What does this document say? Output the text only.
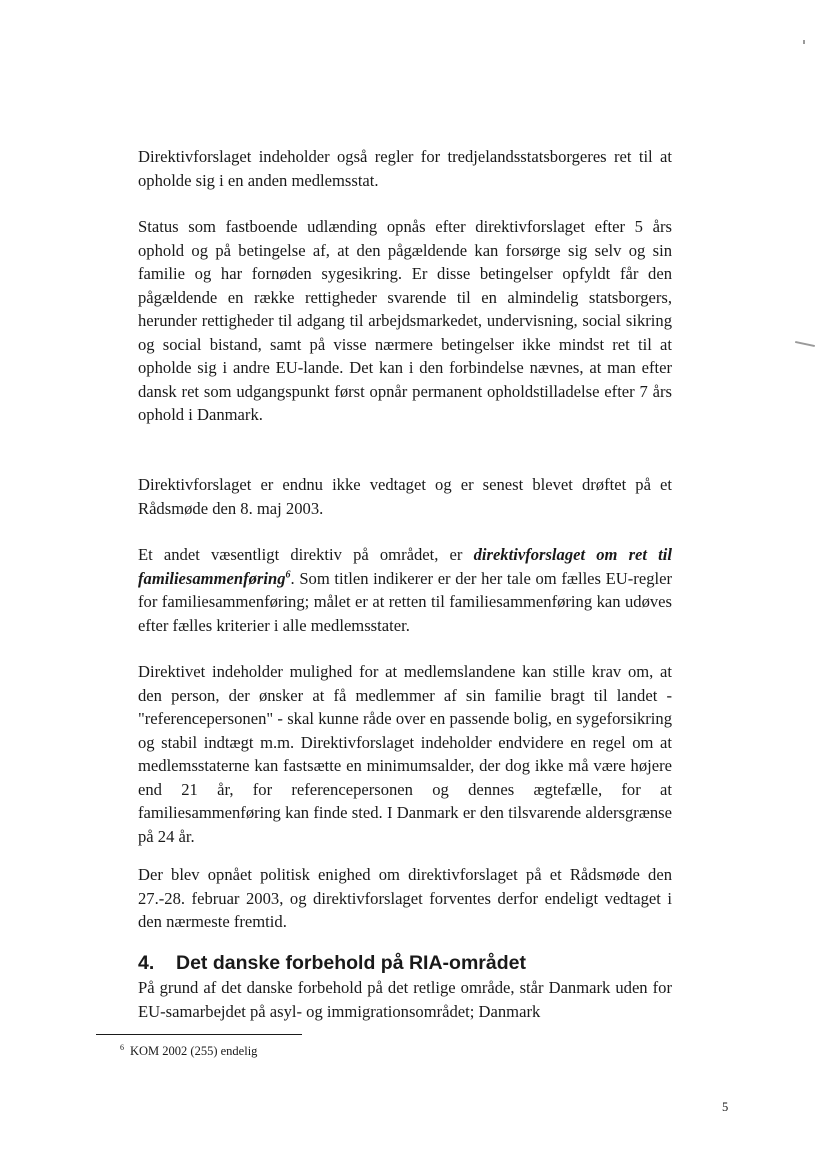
Direktivforslaget indeholder også regler for tredjelandsstatsborgeres ret til at opholde sig i en anden medlemsstat.

Status som fastboende udlænding opnås efter direktivforslaget efter 5 års ophold og på betingelse af, at den pågældende kan forsørge sig selv og sin familie og har fornøden sygesikring. Er disse betingelser opfyldt får den pågældende en række rettigheder svarende til en almindelig statsborgers, herunder rettigheder til adgang til arbejdsmarkedet, undervisning, social sikring og social bistand, samt på visse nærmere betingelser ikke mindst ret til at opholde sig i andre EU-lande. Det kan i den forbindelse nævnes, at man efter dansk ret som udgangspunkt først opnår permanent opholdstilladelse efter 7 års ophold i Danmark.

Direktivforslaget er endnu ikke vedtaget og er senest blevet drøftet på et Rådsmøde den 8. maj 2003.

Et andet væsentligt direktiv på området, er direktivforslaget om ret til familiesammenføring$^6$. Som titlen indikerer er der her tale om fælles EU-regler for familiesammenføring; målet er at retten til familiesammenføring kan udøves efter fælles kriterier i alle medlemsstater.

Direktivet indeholder mulighed for at medlemslandene kan stille krav om, at den person, der ønsker at få medlemmer af sin familie bragt til landet - "referencepersonen" - skal kunne råde over en passende bolig, en sygeforsikring og stabil indtægt m.m. Direktivforslaget indeholder endvidere en regel om at medlemsstaterne kan fastsætte en minimumsalder, der dog ikke må være højere end 21 år, for referencepersonen og dennes ægtefælle, for at familiesammenføring kan finde sted. I Danmark er den tilsvarende aldersgrænse på 24 år.

Der blev opnået politisk enighed om direktivforslaget på et Rådsmøde den 27.-28. februar 2003, og direktivforslaget forventes derfor endeligt vedtaget i den nærmeste fremtid.

4. Det danske forbehold på RIA-området

På grund af det danske forbehold på det retlige område, står Danmark uden for EU-samarbejdet på asyl- og immigrationsområdet; Danmark

$^6$ KOM 2002 (255) endelig
5
